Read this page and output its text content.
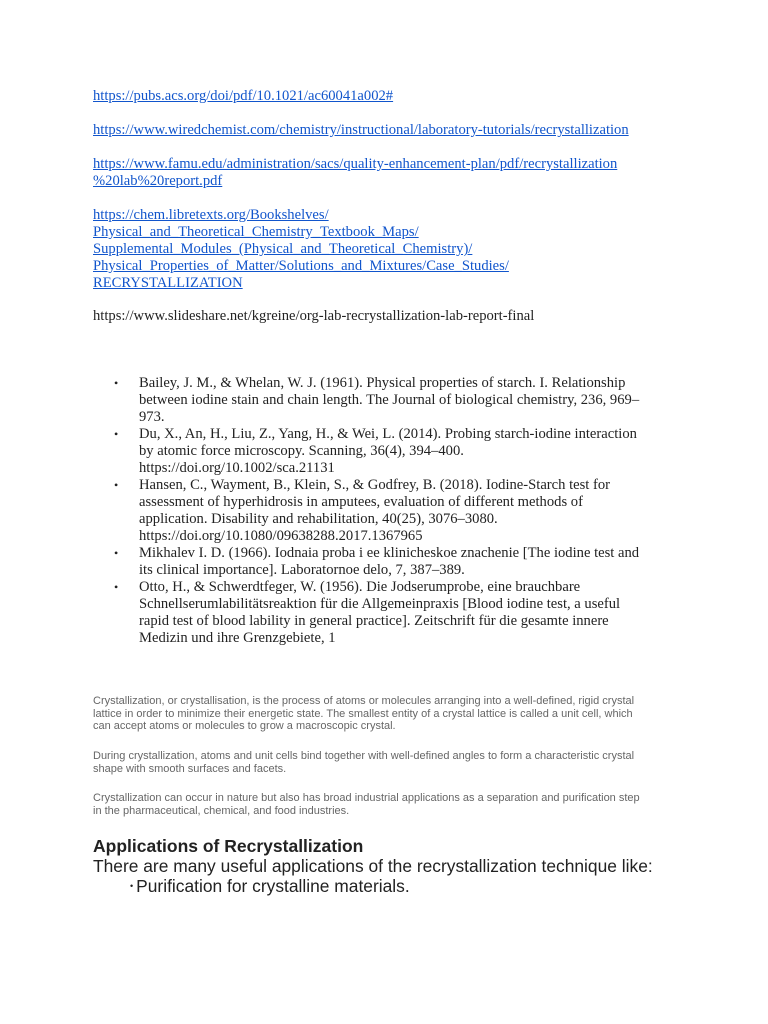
https://pubs.acs.org/doi/pdf/10.1021/ac60041a002#
https://www.wiredchemist.com/chemistry/instructional/laboratory-tutorials/recrystallization
https://www.famu.edu/administration/sacs/quality-enhancement-plan/pdf/recrystallization
%20lab%20report.pdf
https://chem.libretexts.org/Bookshelves/
Physical_and_Theoretical_Chemistry_Textbook_Maps/
Supplemental_Modules_(Physical_and_Theoretical_Chemistry)/
Physical_Properties_of_Matter/Solutions_and_Mixtures/Case_Studies/
RECRYSTALLIZATION
https://www.slideshare.net/kgreine/org-lab-recrystallization-lab-report-final
• Bailey, J. M., & Whelan, W. J. (1961). Physical properties of starch. I. Relationship
between iodine stain and chain length. The Journal of biological chemistry, 236, 969–
973.
• Du, X., An, H., Liu, Z., Yang, H., & Wei, L. (2014). Probing starch-iodine interaction
by atomic force microscopy. Scanning, 36(4), 394–400.
https://doi.org/10.1002/sca.21131
• Hansen, C., Wayment, B., Klein, S., & Godfrey, B. (2018). Iodine-Starch test for
assessment of hyperhidrosis in amputees, evaluation of different methods of
application. Disability and rehabilitation, 40(25), 3076–3080.
https://doi.org/10.1080/09638288.2017.1367965
• Mikhalev I. D. (1966). Iodnaia proba i ee klinicheskoe znachenie [The iodine test and
its clinical importance]. Laboratornoe delo, 7, 387–389.
• Otto, H., & Schwerdtfeger, W. (1956). Die Jodserumprobe, eine brauchbare
Schnellserumlabilitätsreaktion für die Allgemeinpraxis [Blood iodine test, a useful
rapid test of blood lability in general practice]. Zeitschrift für die gesamte innere
Medizin und ihre Grenzgebiete, 1
Crystallization, or crystallisation, is the process of atoms or molecules arranging into a well-defined, rigid crystal
lattice in order to minimize their energetic state. The smallest entity of a crystal lattice is called a unit cell, which
can accept atoms or molecules to grow a macroscopic crystal.
During crystallization, atoms and unit cells bind together with well-defined angles to form a characteristic crystal
shape with smooth surfaces and facets.
Crystallization can occur in nature but also has broad industrial applications as a separation and purification step
in the pharmaceutical, chemical, and food industries.
Applications of Recrystallization
There are many useful applications of the recrystallization technique like:
• Purification for crystalline materials.
